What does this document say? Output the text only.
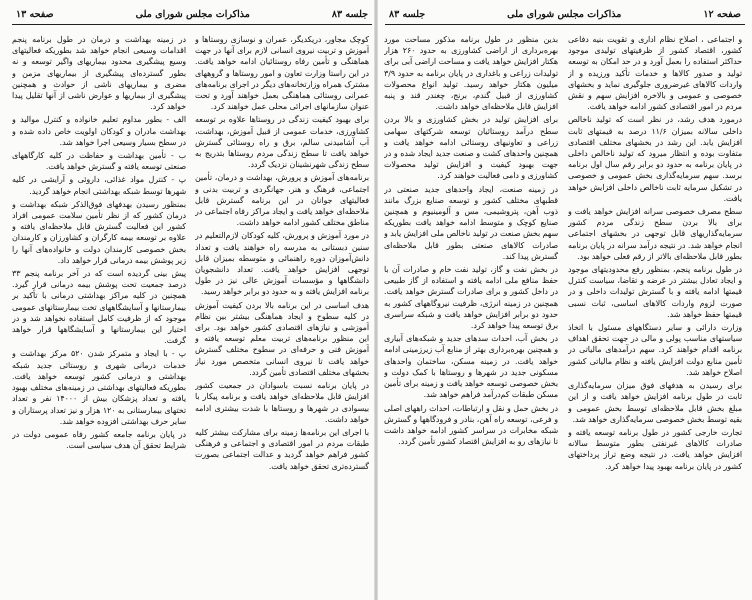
جلسه ۸۳
مذاکرات مجلس شورای ملی
صفحه ۱۳	صفحه ۱۲
مذاکرات مجلس شورای ملی
جلسه ۸۳

در زمینه بهداشت و درمان در طول برنامه پنجم اقدامات وسیعی انجام خواهد شد بطوریکه فعالیتهای وسیع پیشگیری محدود بیماریهای واگیر توسعه و نه بطور گسترده‌ای پیشگیری از بیماریهای مزمن و مضری و بیماریهای ناشی از حوادث و همچنین پیشگیری از بیماریها و عوارض ناشی از آنها تقلیل پیدا خواهد کرد.

الف - بطور مداوم تعلیم خانواده و کنترل موالید و بهداشت مادران و کودکان اولویت خاص داده شده و در سطح بسیار وسیعی اجرا خواهد شد.

ب - تأمین بهداشت و حفاظت در کلیه کارگاههای صنعتی توسعه یافته و گسترش خواهد یافت.

پ - کنترل مواد غذائی، داروئی و آرایشی در کلیه شهرها توسط شبکه بهداشتی انجام خواهد گردید.

بمنظور رسیدن بهدفهای فوق‌الذکر شبکه بهداشت و درمان کشور که از نظر تأمین سلامت عمومی افراد کشور این فعالیت گسترش قابل ملاحظه‌ای یافته و علاوه بر توسعه بیمه کارگران و کشاورزان و کارمندان بخش خصوصی کارمندان دولت و خانواده‌های آنها را زیر پوشش بیمه درمانی قرار خواهد داد.

پیش بینی گردیده است که در آخر برنامه پنجم ۳۳ درصد جمعیت تحت پوشش بیمه درمانی قرار گیرد. همچنین در کلیه مراکز بهداشتی درمانی با تأکید بر بیمارستانها و آسایشگاههای تخت بیمارستانهای عمومی موجود که از ظرفیت کامل استفاده نخواهد شد و در اختیار این بیمارستانها و آسایشگاهها قرار خواهد گرفت.

پ - با ایجاد و متمرکز شدن ۵۲۰ مرکز بهداشت و خدمات درمانی شهری و روستائی جدید شبکه بهداشتی و درمانی کشور توسعه خواهد یافت. بطوریکه فعالیتهای بهداشتی در زمینه‌های مختلف بهبود یافته و تعداد پزشکان بیش از ۱۴۰۰۰ نفر و تعداد تختهای بیمارستانی به ۱۲۰ هزار و نیز تعداد پرستاران و سایر حرف بهداشتی افزوده خواهد شد.

در پایان برنامه جامعه کشور رفاه عمومی دولت در شرایط تحقق آن هدف سیاسی است.

کوچک مجاور، دریکدیگر، عمران و نوسازی روستاها و آموزش و تربیت نیروی انسانی لازم برای آنها در جهت هماهنگی و تأمین رفاه روستائیان ادامه خواهد یافت. در این راستا وزارت تعاون و امور روستاها و گروههای مشترک همراه وزارتخانه‌های دیگر در اجرای برنامه‌های عمرانی روستائی هماهنگی بعمل خواهند آورد و تحت عنوان سازمانهای اجرائی محلی عمل خواهند کرد.

برای بهبود کیفیت زندگی در روستاها علاوه بر توسعه کشاورزی، خدمات عمومی از قبیل آموزش، بهداشت، آب آشامیدنی سالم، برق و راه روستائی گسترش خواهد یافت تا سطح زندگی مردم روستاها بتدریج به سطح زندگی شهرنشینان نزدیک گردد.

برنامه‌های آموزش و پرورش، بهداشت و درمان، تأمین اجتماعی، فرهنگ و هنر، جهانگردی و تربیت بدنی و فعالیتهای جوانان در این برنامه گسترش قابل ملاحظه‌ای خواهد یافت و ایجاد مراکز رفاه اجتماعی در مناطق مختلف کشور ادامه خواهد داشت.

در مورد آموزش و پرورش، کلیه کودکان لازم‌التعلیم در سنین دبستانی به مدرسه راه خواهند یافت و تعداد دانش‌آموزان دوره راهنمائی و متوسطه بمیزان قابل توجهی افزایش خواهد یافت. تعداد دانشجویان دانشگاهها و مؤسسات آموزش عالی نیز در طول برنامه افزایش یافته و به حدود دو برابر خواهد رسید.

هدف اساسی در این برنامه بالا بردن کیفیت آموزش در کلیه سطوح و ایجاد هماهنگی بیشتر بین نظام آموزشی و نیازهای اقتصادی کشور خواهد بود. برای این منظور برنامه‌های تربیت معلم توسعه یافته و آموزش فنی و حرفه‌ای در سطوح مختلف گسترش خواهد یافت تا نیروی انسانی متخصص مورد نیاز بخشهای مختلف اقتصادی تأمین گردد.

در پایان برنامه نسبت باسوادان در جمعیت کشور افزایش قابل ملاحظه‌ای خواهد یافت و برنامه پیکار با بیسوادی در شهرها و روستاها با شدت بیشتری ادامه خواهد داشت.

با اجرای این برنامه‌ها زمینه برای مشارکت بیشتر کلیه طبقات مردم در امور اقتصادی و اجتماعی و فرهنگی کشور فراهم خواهد گردید و عدالت اجتماعی بصورت گسترده‌تری تحقق خواهد یافت.

بدین منظور در طول برنامه مذکور مساحت مورد بهره‌برداری از اراضی کشاورزی به حدود ۲۶۰ هزار هکتار افزایش خواهد یافت و مساحت اراضی آبی برای تولیدات زراعی و باغداری در پایان برنامه به حدود ۳/۹ میلیون هکتار خواهد رسید. تولید انواع محصولات کشاورزی از قبیل گندم، برنج، چغندر قند و پنبه افزایش قابل ملاحظه‌ای خواهد داشت.

برای افزایش تولید در بخش کشاورزی و بالا بردن سطح درآمد روستائیان توسعه شرکتهای سهامی زراعی و تعاونیهای روستائی ادامه خواهد یافت و همچنین واحدهای کشت و صنعت جدید ایجاد شده و در جهت بهبود کیفیت و افزایش تولید محصولات کشاورزی و دامی فعالیت خواهند کرد.

در زمینه صنعت، ایجاد واحدهای جدید صنعتی در قطبهای مختلف کشور و توسعه صنایع بزرگ مانند ذوب آهن، پتروشیمی، مس و آلومینیوم و همچنین صنایع کوچک و متوسط ادامه خواهد یافت بطوریکه سهم بخش صنعت در تولید ناخالص ملی افزایش یابد و صادرات کالاهای صنعتی بطور قابل ملاحظه‌ای گسترش پیدا کند.

در بخش نفت و گاز، تولید نفت خام و صادرات آن با حفظ منافع ملی ادامه یافته و استفاده از گاز طبیعی در داخل کشور و برای صادرات گسترش خواهد یافت. همچنین در زمینه انرژی، ظرفیت نیروگاههای کشور به حدود دو برابر افزایش خواهد یافت و شبکه سراسری برق توسعه پیدا خواهد کرد.

در بخش آب، احداث سدهای جدید و شبکه‌های آبیاری و همچنین بهره‌برداری بهتر از منابع آب زیرزمینی ادامه خواهد یافت. در زمینه مسکن، ساختمان واحدهای مسکونی جدید در شهرها و روستاها با کمک دولت و بخش خصوصی توسعه خواهد یافت و زمینه برای تأمین مسکن طبقات کم‌درآمد فراهم خواهد شد.

در بخش حمل و نقل و ارتباطات، احداث راههای اصلی و فرعی، توسعه راه آهن، بنادر و فرودگاهها و گسترش شبکه مخابرات در سراسر کشور ادامه خواهد داشت تا نیازهای رو به افزایش اقتصاد کشور تأمین گردد.

و اجتماعی ، اصلاح نظام اداری و تقویت بنیه دفاعی کشور، اقتصاد کشور از ظرفیتهای تولیدی موجود حداکثر استفاده را بعمل آورد و در حد امکان به توسعه تولید و صدور کالاها و خدمات تأکید ورزیده و از واردات کالاهای غیرضروری جلوگیری نماید و بخشهای خصوصی و عمومی و بالاخره افزایش سهم و نقش مردم در امور اقتصادی کشور ادامه خواهد یافت.

درمورد هدف رشد، در نظر است که تولید ناخالص داخلی سالانه بمیزان ۱۱/۶ درصد به قیمتهای ثابت افزایش یابد. این رشد در بخشهای مختلف اقتصادی متفاوت بوده و انتظار میرود که تولید ناخالص داخلی در پایان برنامه به حدود دو برابر رقم سال اول برنامه برسد. سهم سرمایه‌گذاری بخش عمومی و خصوصی در تشکیل سرمایه ثابت ناخالص داخلی افزایش خواهد یافت.

سطح مصرف خصوصی سرانه افزایش خواهد یافت و برای بالا بردن سطح زندگی مردم کشور سرمایه‌گذاریهای قابل توجهی در بخشهای اجتماعی انجام خواهد شد. در نتیجه درآمد سرانه در پایان برنامه بطور قابل ملاحظه‌ای بالاتر از رقم فعلی خواهد بود.

در طول برنامه پنجم، بمنظور رفع محدودیتهای موجود و ایجاد تعادل بیشتر در عرضه و تقاضا، سیاست کنترل قیمتها ادامه یافته و با گسترش تولیدات داخلی و در صورت لزوم واردات کالاهای اساسی، ثبات نسبی قیمتها حفظ خواهد شد.

وزارت دارائی و سایر دستگاههای مسئول با اتخاذ سیاستهای مناسب پولی و مالی در جهت تحقق اهداف برنامه اقدام خواهند کرد. سهم درآمدهای مالیاتی در تأمین منابع دولت افزایش یافته و نظام مالیاتی کشور اصلاح خواهد شد.

برای رسیدن به هدفهای فوق میزان سرمایه‌گذاری ثابت در طول برنامه افزایش خواهد یافت و از این مبلغ بخش قابل ملاحظه‌ای توسط بخش عمومی و بقیه توسط بخش خصوصی سرمایه‌گذاری خواهد شد.

تجارت خارجی کشور در طول برنامه توسعه یافته و صادرات کالاهای غیرنفتی بطور متوسط سالانه افزایش خواهد یافت. در نتیجه وضع تراز پرداختهای کشور در پایان برنامه بهبود پیدا خواهد کرد.
